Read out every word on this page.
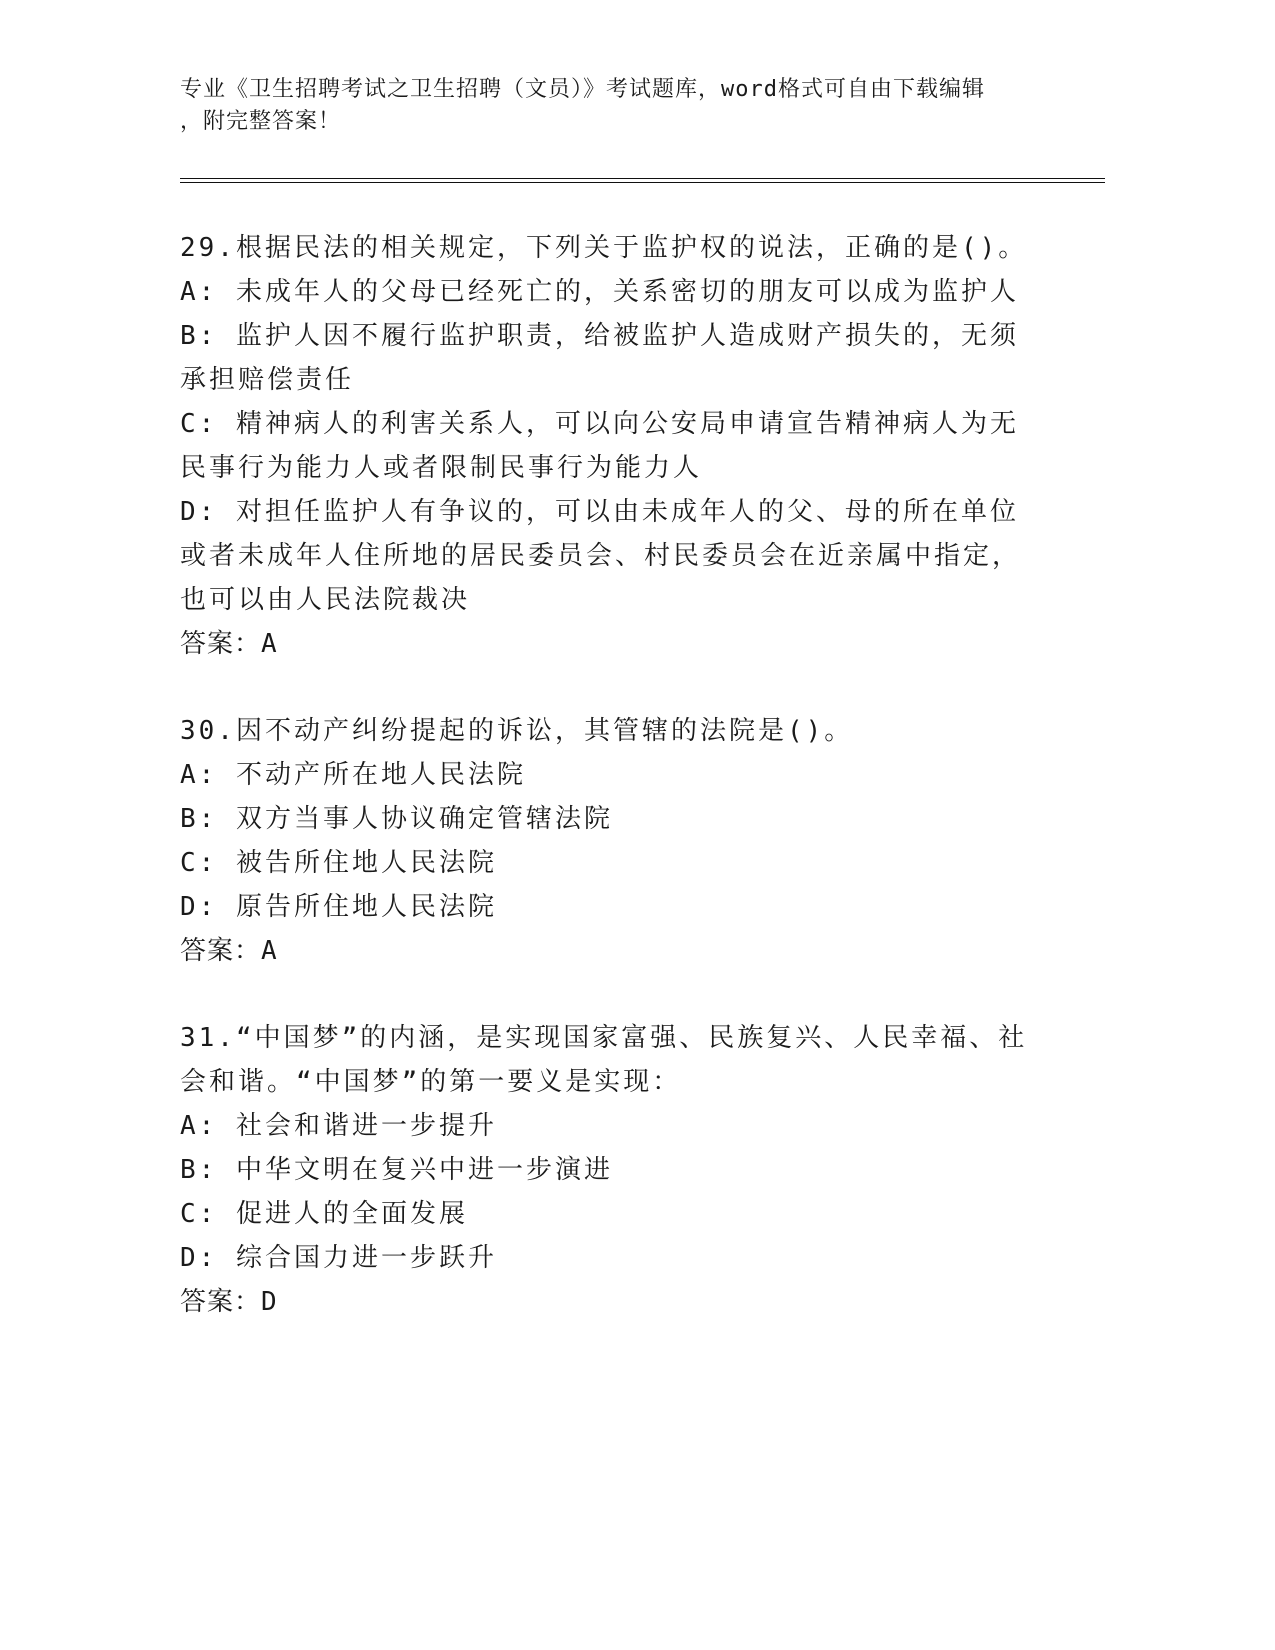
专业《卫生招聘考试之卫生招聘（文员）》考试题库，word格式可自由下载编辑
，附完整答案！
29.根据民法的相关规定，下列关于监护权的说法，正确的是()。
A: 未成年人的父母已经死亡的，关系密切的朋友可以成为监护人
B: 监护人因不履行监护职责，给被监护人造成财产损失的，无须承担赔偿责任
C: 精神病人的利害关系人，可以向公安局申请宣告精神病人为无民事行为能力人或者限制民事行为能力人
D: 对担任监护人有争议的，可以由未成年人的父、母的所在单位或者未成年人住所地的居民委员会、村民委员会在近亲属中指定，也可以由人民法院裁决
答案：A
30.因不动产纠纷提起的诉讼，其管辖的法院是()。
A: 不动产所在地人民法院
B: 双方当事人协议确定管辖法院
C: 被告所住地人民法院
D: 原告所住地人民法院
答案：A
31.“中国梦”的内涵，是实现国家富强、民族复兴、人民幸福、社会和谐。“中国梦”的第一要义是实现：
A: 社会和谐进一步提升
B: 中华文明在复兴中进一步演进
C: 促进人的全面发展
D: 综合国力进一步跃升
答案：D
